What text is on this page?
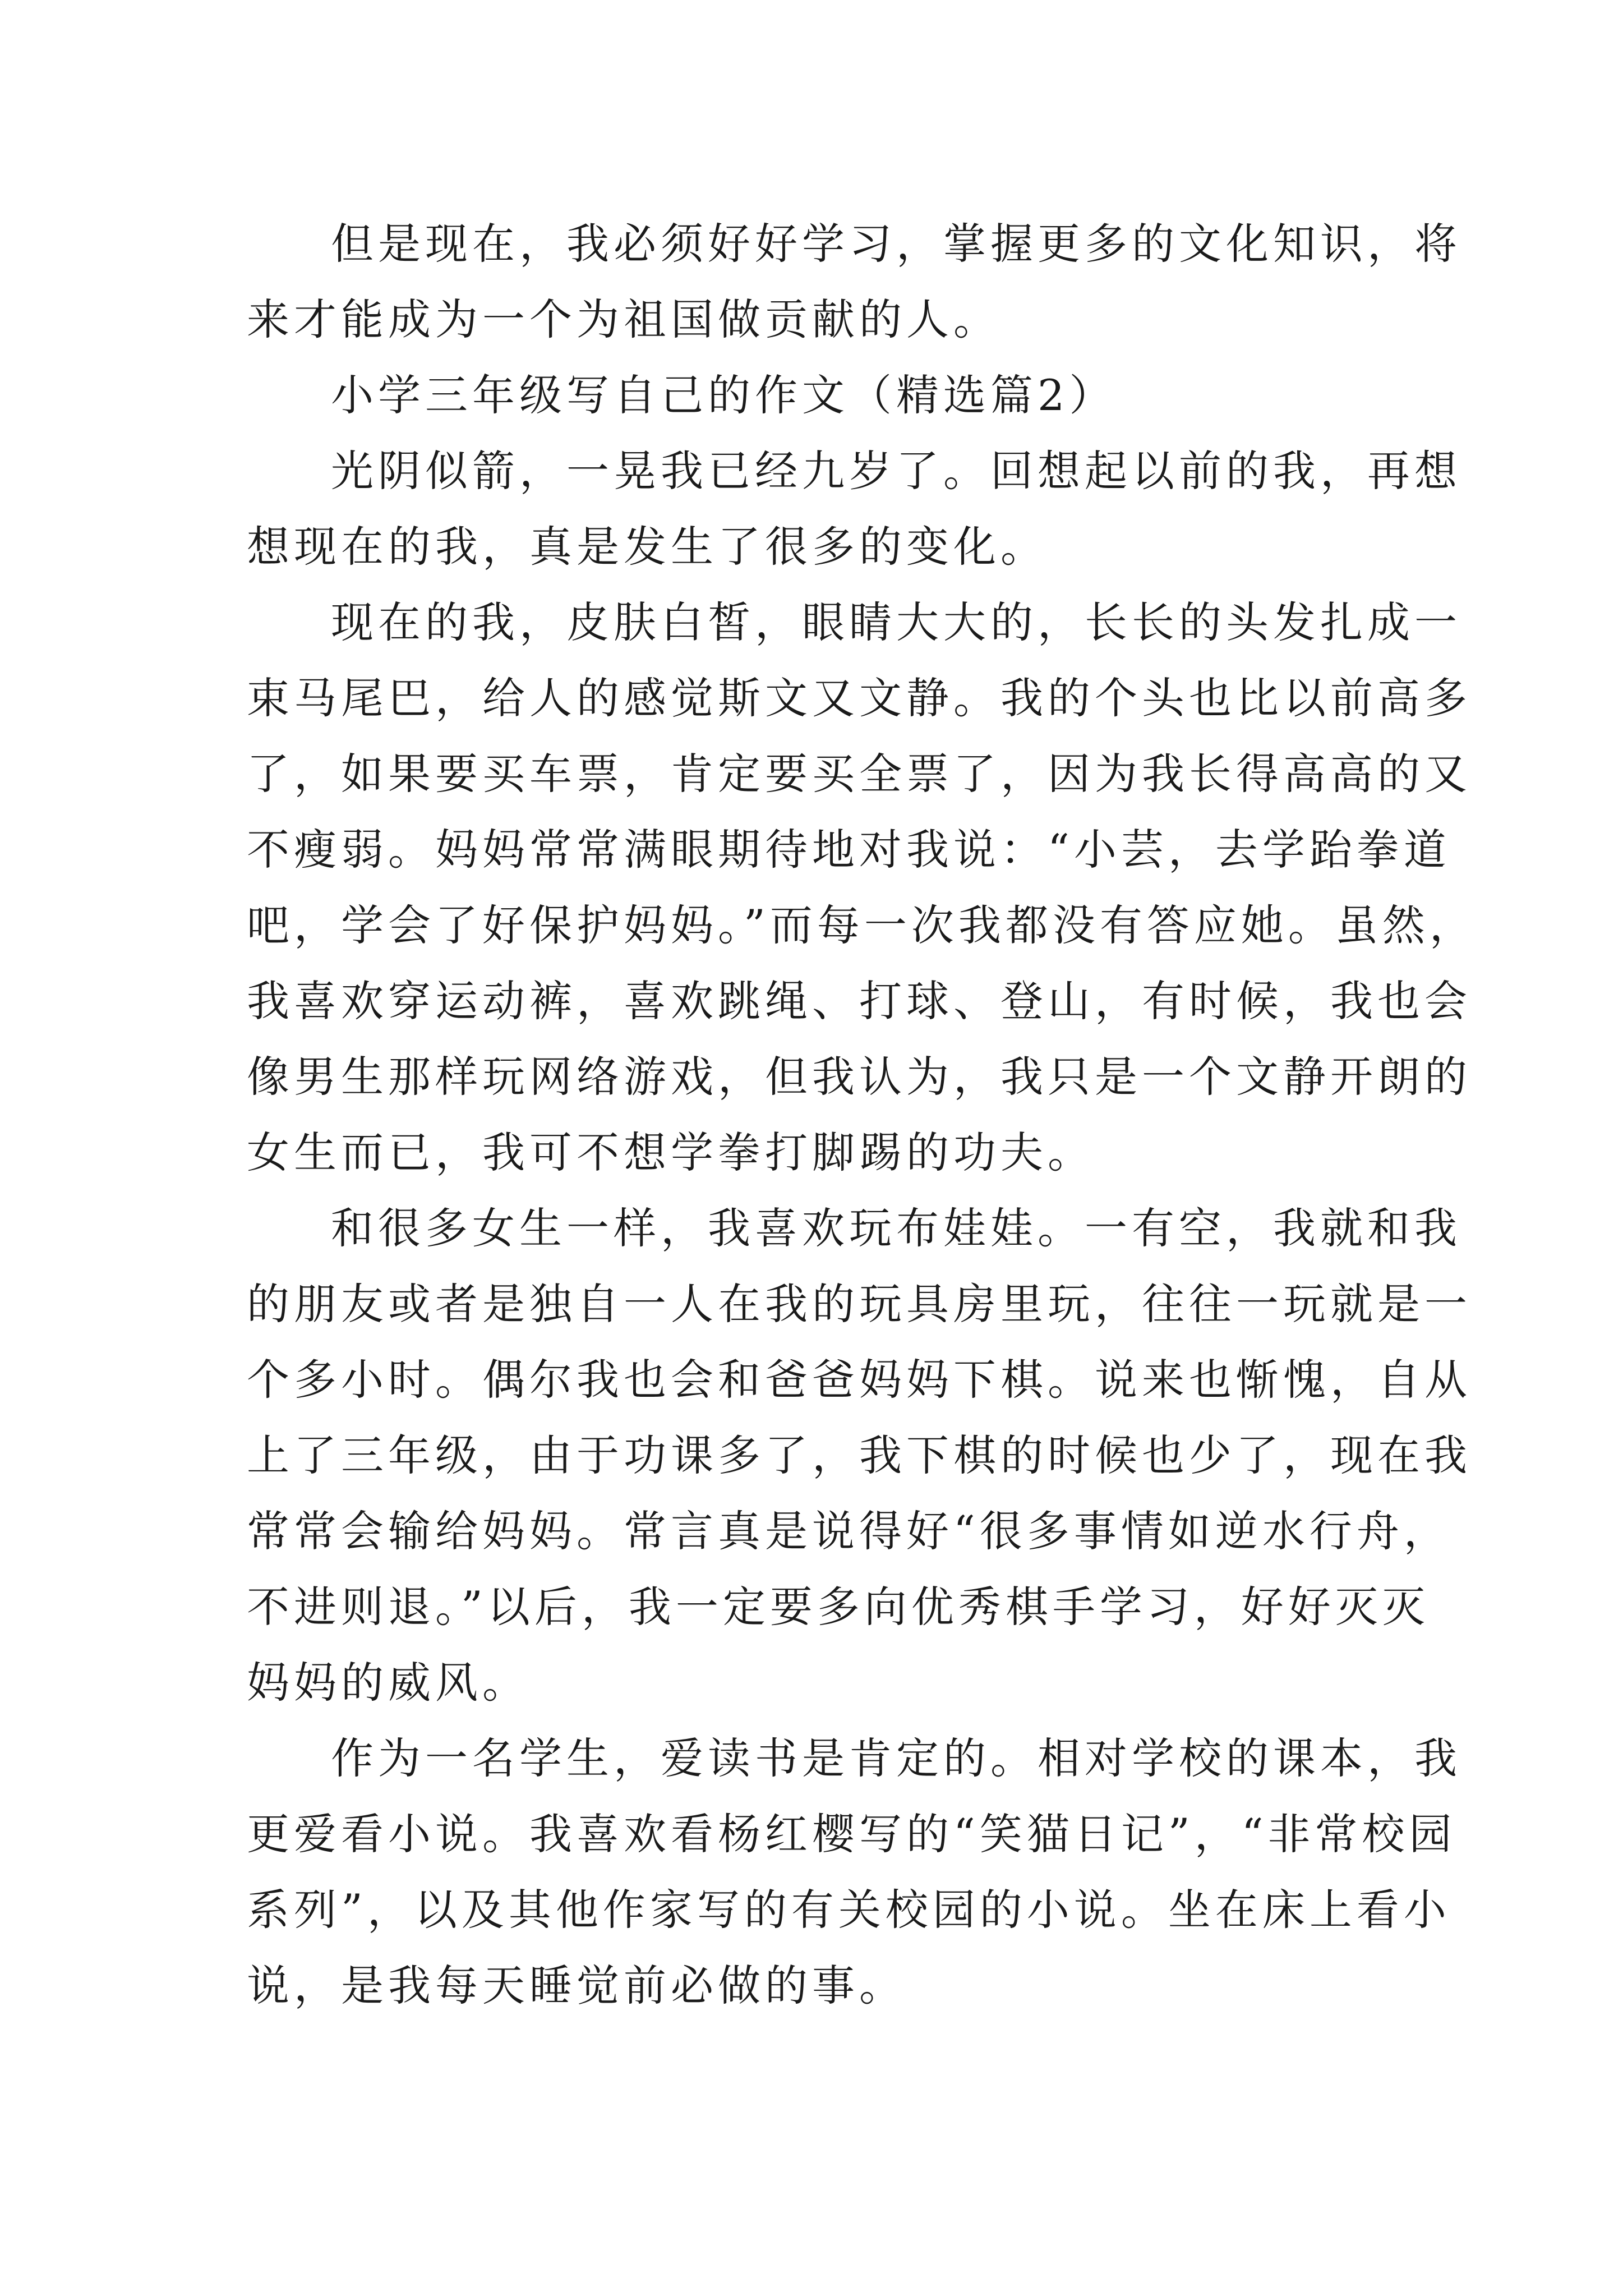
但是现在，我必须好好学习，掌握更多的文化知识，将
来才能成为一个为祖国做贡献的人。
小学三年级写自己的作文（精选篇2）
光阴似箭，一晃我已经九岁了。回想起以前的我，再想
想现在的我，真是发生了很多的变化。
现在的我，皮肤白皙，眼睛大大的，长长的头发扎成一
束马尾巴，给人的感觉斯文又文静。我的个头也比以前高多
了，如果要买车票，肯定要买全票了，因为我长得高高的又
不瘦弱。妈妈常常满眼期待地对我说：“小芸，去学跆拳道
吧，学会了好保护妈妈。”而每一次我都没有答应她。虽然，
我喜欢穿运动裤，喜欢跳绳、打球、登山，有时候，我也会
像男生那样玩网络游戏，但我认为，我只是一个文静开朗的
女生而已，我可不想学拳打脚踢的功夫。
和很多女生一样，我喜欢玩布娃娃。一有空，我就和我
的朋友或者是独自一人在我的玩具房里玩，往往一玩就是一
个多小时。偶尔我也会和爸爸妈妈下棋。说来也惭愧，自从
上了三年级，由于功课多了，我下棋的时候也少了，现在我
常常会输给妈妈。常言真是说得好“很多事情如逆水行舟，
不进则退。”以后，我一定要多向优秀棋手学习，好好灭灭
妈妈的威风。
作为一名学生，爱读书是肯定的。相对学校的课本，我
更爱看小说。我喜欢看杨红樱写的“笑猫日记”，“非常校园
系列”，以及其他作家写的有关校园的小说。坐在床上看小
说，是我每天睡觉前必做的事。
